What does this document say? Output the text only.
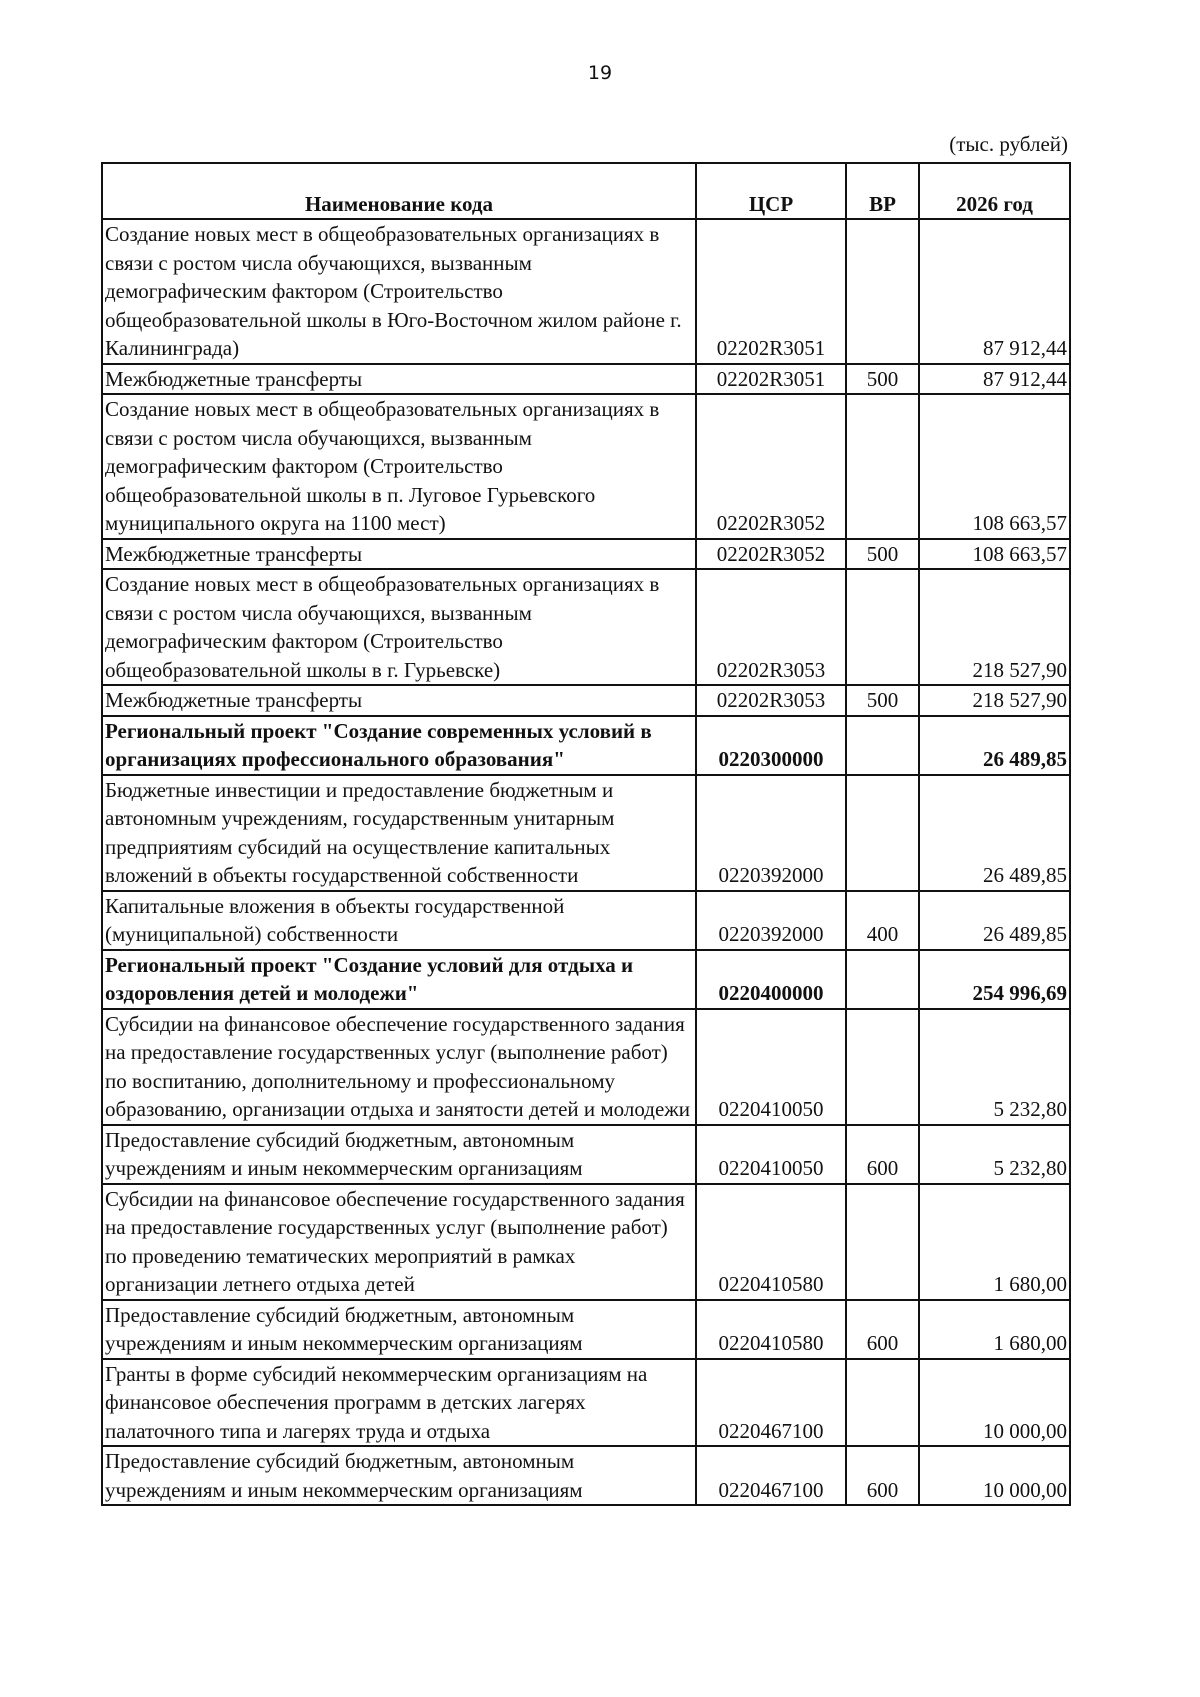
19
(тыс. рублей)
Наименование кода	ЦСР	ВР	2026 год
Создание новых мест в общеобразовательных организациях в связи с ростом числа обучающихся, вызванным демографическим фактором (Строительство общеобразовательной школы в Юго-Восточном жилом районе г. Калининграда)	02202R3051		87 912,44
Межбюджетные трансферты	02202R3051	500	87 912,44
Создание новых мест в общеобразовательных организациях в связи с ростом числа обучающихся, вызванным демографическим фактором (Строительство общеобразовательной школы в п. Луговое Гурьевского муниципального округа на 1100 мест)	02202R3052		108 663,57
Межбюджетные трансферты	02202R3052	500	108 663,57
Создание новых мест в общеобразовательных организациях в связи с ростом числа обучающихся, вызванным демографическим фактором (Строительство общеобразовательной школы в г. Гурьевске)	02202R3053		218 527,90
Межбюджетные трансферты	02202R3053	500	218 527,90
Региональный проект "Создание современных условий в организациях профессионального образования"	0220300000		26 489,85
Бюджетные инвестиции и предоставление бюджетным и автономным учреждениям, государственным унитарным предприятиям субсидий на осуществление капитальных вложений в объекты государственной собственности	0220392000		26 489,85
Капитальные вложения в объекты государственной (муниципальной) собственности	0220392000	400	26 489,85
Региональный проект "Создание условий для отдыха и оздоровления детей и молодежи"	0220400000		254 996,69
Субсидии на финансовое обеспечение государственного задания на предоставление государственных услуг (выполнение работ) по воспитанию, дополнительному и профессиональному образованию, организации отдыха и занятости детей и молодежи	0220410050		5 232,80
Предоставление субсидий бюджетным, автономным учреждениям и иным некоммерческим организациям	0220410050	600	5 232,80
Субсидии на финансовое обеспечение государственного задания на предоставление государственных услуг (выполнение работ) по проведению тематических мероприятий в рамках организации летнего отдыха детей	0220410580		1 680,00
Предоставление субсидий бюджетным, автономным учреждениям и иным некоммерческим организациям	0220410580	600	1 680,00
Гранты в форме субсидий некоммерческим организациям на финансовое обеспечения программ в детских лагерях палаточного типа и лагерях труда и отдыха	0220467100		10 000,00
Предоставление субсидий бюджетным, автономным учреждениям и иным некоммерческим организациям	0220467100	600	10 000,00
